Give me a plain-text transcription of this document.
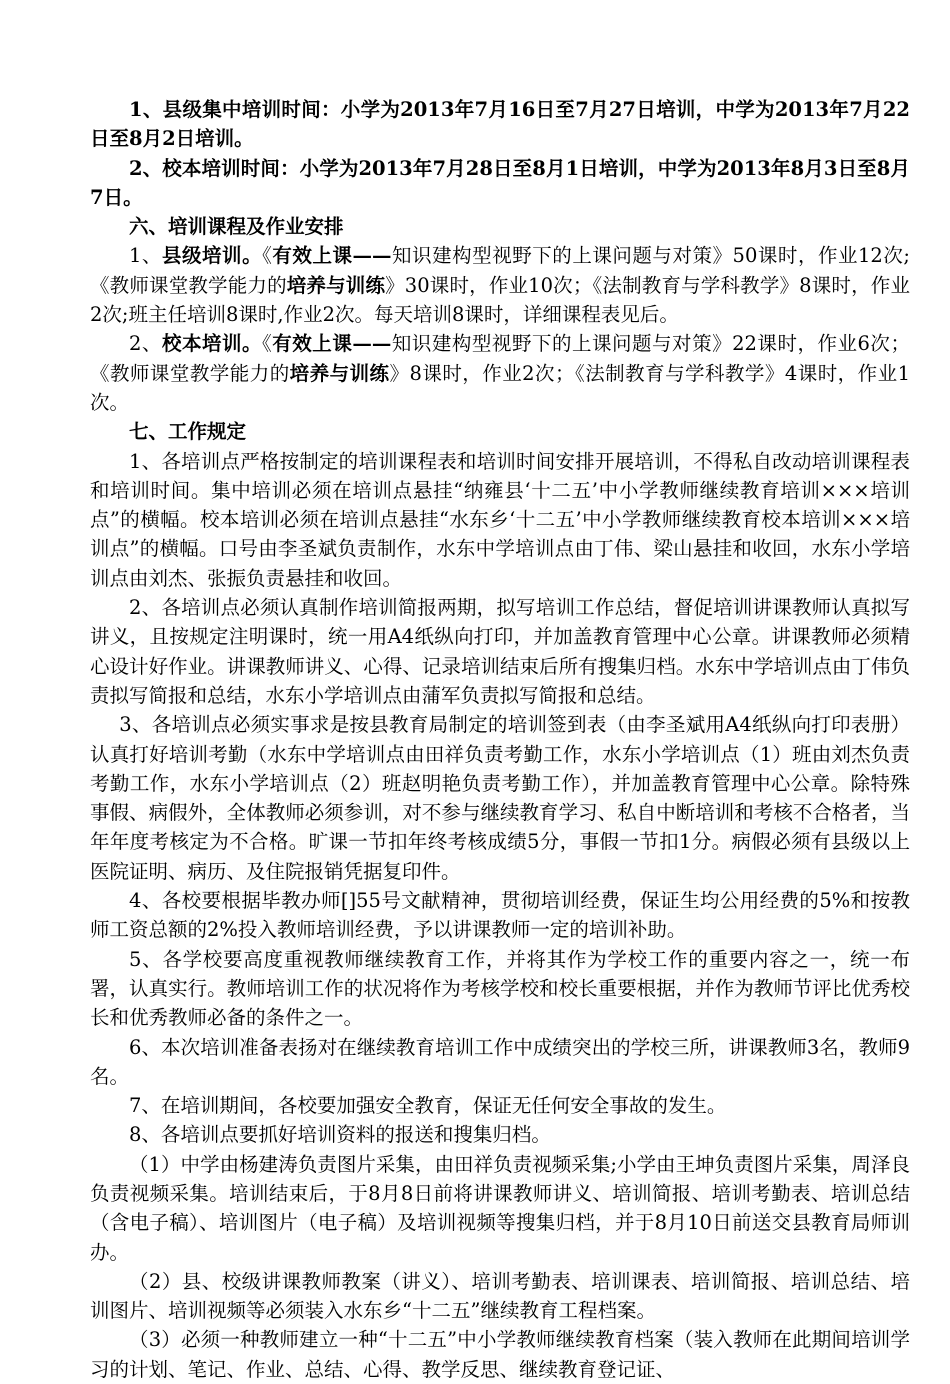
1、县级集中培训时间：小学为2013年7月16日至7月27日培训，中学为2013年7月22日至8月2日培训。

2、校本培训时间：小学为2013年7月28日至8月1日培训，中学为2013年8月3日至8月7日。

六、培训课程及作业安排

1、县级培训。《有效上课——知识建构型视野下的上课问题与对策》50课时，作业12次;《教师课堂教学能力的培养与训练》30课时，作业10次；《法制教育与学科教学》8课时，作业2次;班主任培训8课时,作业2次。每天培训8课时，详细课程表见后。

2、校本培训。《有效上课——知识建构型视野下的上课问题与对策》22课时，作业6次；《教师课堂教学能力的培养与训练》8课时，作业2次；《法制教育与学科教学》4课时，作业1次。

七、工作规定

1、各培训点严格按制定的培训课程表和培训时间安排开展培训，不得私自改动培训课程表和培训时间。集中培训必须在培训点悬挂“纳雍县‘十二五’中小学教师继续教育培训×××培训点”的横幅。校本培训必须在培训点悬挂“水东乡‘十二五’中小学教师继续教育校本培训×××培训点”的横幅。口号由李圣斌负责制作，水东中学培训点由丁伟、梁山悬挂和收回，水东小学培训点由刘杰、张振负责悬挂和收回。

2、各培训点必须认真制作培训简报两期，拟写培训工作总结，督促培训讲课教师认真拟写讲义，且按规定注明课时，统一用A4纸纵向打印，并加盖教育管理中心公章。讲课教师必须精心设计好作业。讲课教师讲义、心得、记录培训结束后所有搜集归档。水东中学培训点由丁伟负责拟写简报和总结，水东小学培训点由蒲军负责拟写简报和总结。

3、各培训点必须实事求是按县教育局制定的培训签到表（由李圣斌用A4纸纵向打印表册）认真打好培训考勤（水东中学培训点由田祥负责考勤工作，水东小学培训点（1）班由刘杰负责考勤工作，水东小学培训点（2）班赵明艳负责考勤工作），并加盖教育管理中心公章。除特殊事假、病假外，全体教师必须参训，对不参与继续教育学习、私自中断培训和考核不合格者，当年年度考核定为不合格。旷课一节扣年终考核成绩5分，事假一节扣1分。病假必须有县级以上医院证明、病历、及住院报销凭据复印件。

4、各校要根据毕教办师[]55号文献精神，贯彻培训经费，保证生均公用经费的5%和按教师工资总额的2%投入教师培训经费，予以讲课教师一定的培训补助。

5、各学校要高度重视教师继续教育工作，并将其作为学校工作的重要内容之一，统一布署，认真实行。教师培训工作的状况将作为考核学校和校长重要根据，并作为教师节评比优秀校长和优秀教师必备的条件之一。

6、本次培训准备表扬对在继续教育培训工作中成绩突出的学校三所，讲课教师3名，教师9名。

7、在培训期间，各校要加强安全教育，保证无任何安全事故的发生。

8、各培训点要抓好培训资料的报送和搜集归档。

（1）中学由杨建涛负责图片采集，由田祥负责视频采集;小学由王坤负责图片采集，周泽良负责视频采集。培训结束后，于8月8日前将讲课教师讲义、培训简报、培训考勤表、培训总结（含电子稿）、培训图片（电子稿）及培训视频等搜集归档，并于8月10日前送交县教育局师训办。

（2）县、校级讲课教师教案（讲义）、培训考勤表、培训课表、培训简报、培训总结、培训图片、培训视频等必须装入水东乡“十二五”继续教育工程档案。

（3）必须一种教师建立一种“十二五”中小学教师继续教育档案（装入教师在此期间培训学习的计划、笔记、作业、总结、心得、教学反思、继续教育登记证、
